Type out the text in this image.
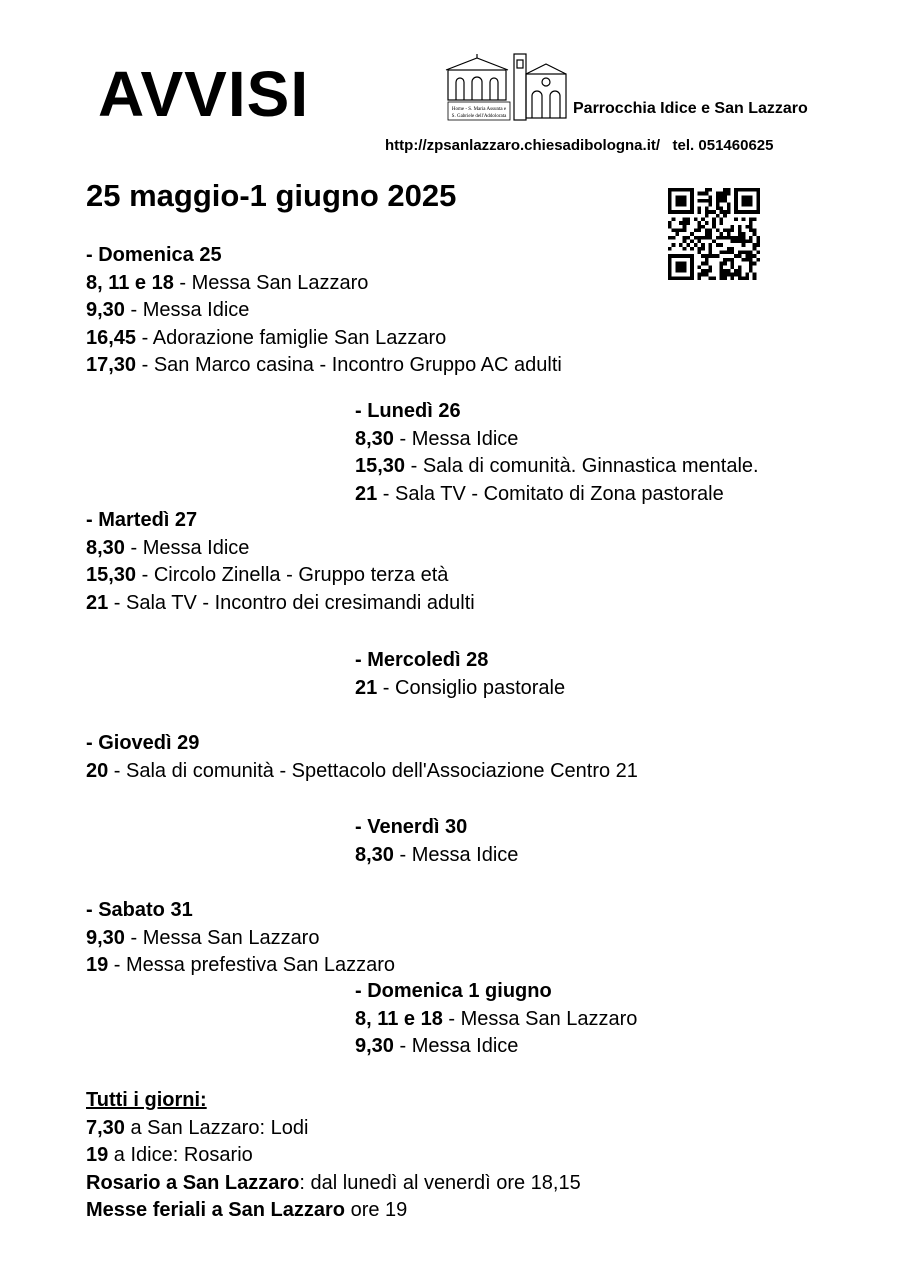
AVVISI	Home - S. Maria Assunta e
S. Gabriele dell'Addolorata	Parrocchia Idice e San Lazzaro
http://zpsanlazzaro.chiesadibologna.it/ tel. 051460625
25 maggio-1 giugno 2025
- Domenica 25
8, 11 e 18 - Messa San Lazzaro
9,30 - Messa Idice
16,45 - Adorazione famiglie San Lazzaro
17,30 - San Marco casina - Incontro Gruppo AC adulti
- Lunedì 26
8,30 - Messa Idice
15,30 - Sala di comunità. Ginnastica mentale.
21 - Sala TV - Comitato di Zona pastorale
- Martedì 27
8,30 - Messa Idice
15,30 - Circolo Zinella - Gruppo terza età
21 - Sala TV - Incontro dei cresimandi adulti
- Mercoledì 28
21 - Consiglio pastorale
- Giovedì 29
20 - Sala di comunità - Spettacolo dell'Associazione Centro 21
- Venerdì 30
8,30 - Messa Idice
- Sabato 31
9,30 - Messa San Lazzaro
19 - Messa prefestiva San Lazzaro
- Domenica 1 giugno
8, 11 e 18 - Messa San Lazzaro
9,30 - Messa Idice
Tutti i giorni:
7,30 a San Lazzaro: Lodi
19 a Idice: Rosario
Rosario a San Lazzaro: dal lunedì al venerdì ore 18,15
Messe feriali a San Lazzaro ore 19
